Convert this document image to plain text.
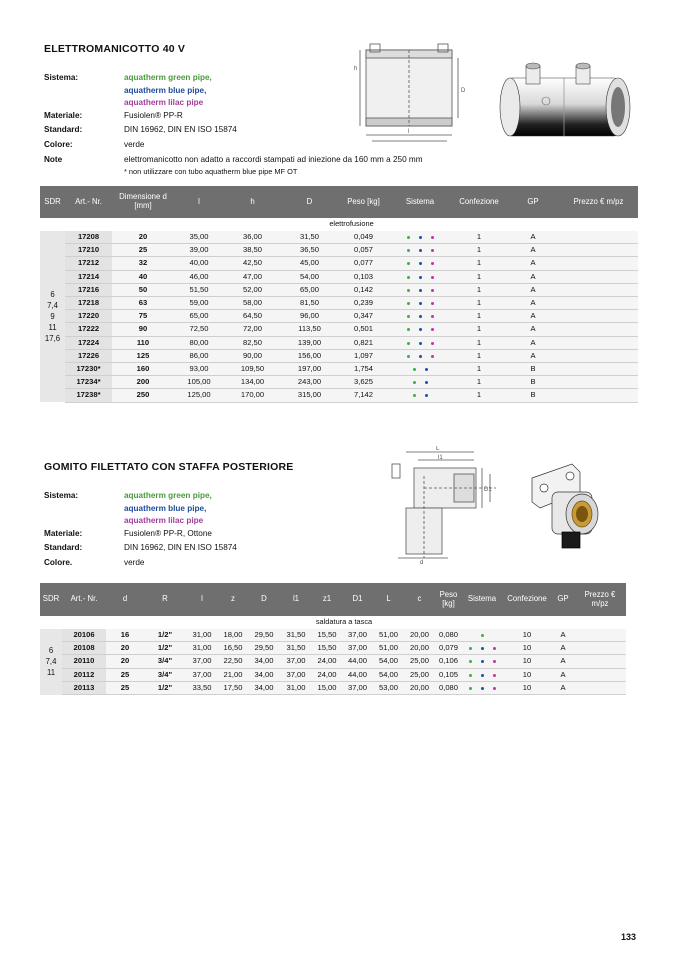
ELETTROMANICOTTO 40 V
Sistema:	aquatherm green pipe,
aquatherm blue pipe,
aquatherm lilac pipe
Materiale:	Fusiolen® PP-R
Standard:	DIN 16962, DIN EN ISO 15874
Colore:	verde
Note	elettromanicotto non adatto a raccordi stampati ad iniezione da 160 mm a 250 mm
* non utilizzare con tubo aquatherm blue pipe MF OT
h
D
l
SDR	Art.- Nr.	Dimensione d [mm]	l	h	D	Peso [kg]	Sistema	Confezione	GP	Prezzo € m/pz
	elettrofusione									

6
7,4
9
11
17,6	17208	20	35,00	36,00	31,50	0,049		1	A	
	17210	25	39,00	38,50	36,50	0,057		1	A	
	17212	32	40,00	42,50	45,00	0,077		1	A	
	17214	40	46,00	47,00	54,00	0,103		1	A	
	17216	50	51,50	52,00	65,00	0,142		1	A	
	17218	63	59,00	58,00	81,50	0,239		1	A	
	17220	75	65,00	64,50	96,00	0,347		1	A	
	17222	90	72,50	72,00	113,50	0,501		1	A	
	17224	110	80,00	82,50	139,00	0,821		1	A	
	17226	125	86,00	90,00	156,00	1,097		1	A	
	17230*	160	93,00	109,50	197,00	1,754		1	B	
	17234*	200	105,00	134,00	243,00	3,625		1	B	
	17238*	250	125,00	170,00	315,00	7,142		1	B	
GOMITO FILETTATO CON STAFFA POSTERIORE
Sistema:	aquatherm green pipe,
aquatherm blue pipe,
aquatherm lilac pipe
Materiale:	Fusiolen® PP-R, Ottone
Standard:	DIN 16962, DIN EN ISO 15874
Colore.	verde
L
l1
D1
d
SDR	Art.- Nr.	d	R	l	z	D	l1	z1	D1	L	c	Peso [kg]	Sistema	Confezione	GP	Prezzo € m/pz
	saldatura a tasca															

6
7,4
11	20106	16	1/2"	31,00	18,00	29,50	31,50	15,50	37,00	51,00	20,00	0,080		10	A	
	20108	20	1/2"	31,00	16,50	29,50	31,50	15,50	37,00	51,00	20,00	0,079		10	A	
	20110	20	3/4"	37,00	22,50	34,00	37,00	24,00	44,00	54,00	25,00	0,106		10	A	
	20112	25	3/4"	37,00	21,00	34,00	37,00	24,00	44,00	54,00	25,00	0,105		10	A	
	20113	25	1/2"	33,50	17,50	34,00	31,00	15,00	37,00	53,00	20,00	0,080		10	A	
133
